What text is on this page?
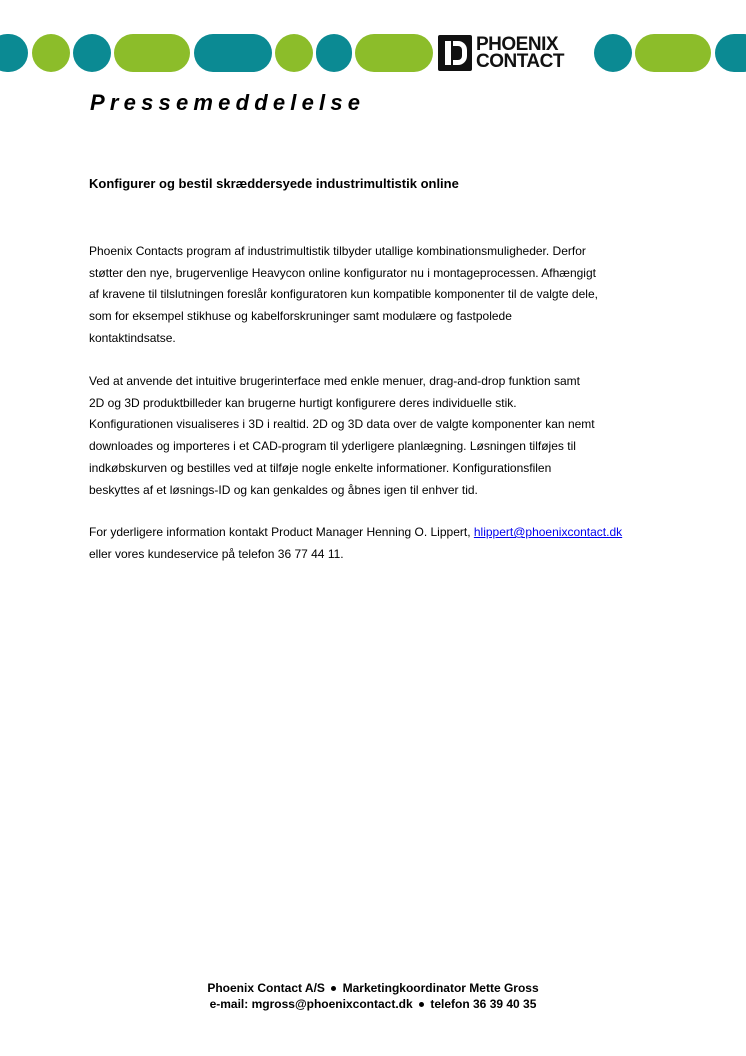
PHOENIX
CONTACT
Pressemeddelelse
Konfigurer og bestil skræddersyede industrimultistik online

Phoenix Contacts program af industrimultistik tilbyder utallige kombinationsmuligheder. Derfor
støtter den nye, brugervenlige Heavycon online konfigurator nu i montageprocessen. Afhængigt
af kravene til tilslutningen foreslår konfiguratoren kun kompatible komponenter til de valgte dele,
som for eksempel stikhuse og kabelforskruninger samt modulære og fastpolede
kontaktindsatse.

Ved at anvende det intuitive brugerinterface med enkle menuer, drag-and-drop funktion samt
2D og 3D produktbilleder kan brugerne hurtigt konfigurere deres individuelle stik.
Konfigurationen visualiseres i 3D i realtid. 2D og 3D data over de valgte komponenter kan nemt
downloades og importeres i et CAD-program til yderligere planlægning. Løsningen tilføjes til
indkøbskurven og bestilles ved at tilføje nogle enkelte informationer. Konfigurationsfilen
beskyttes af et løsnings-ID og kan genkaldes og åbnes igen til enhver tid.

For yderligere information kontakt Product Manager Henning O. Lippert, hlippert@phoenixcontact.dk
eller vores kundeservice på telefon 36 77 44 11.

Phoenix Contact A/S Marketingkoordinator Mette Gross
e-mail: mgross@phoenixcontact.dk telefon 36 39 40 35
